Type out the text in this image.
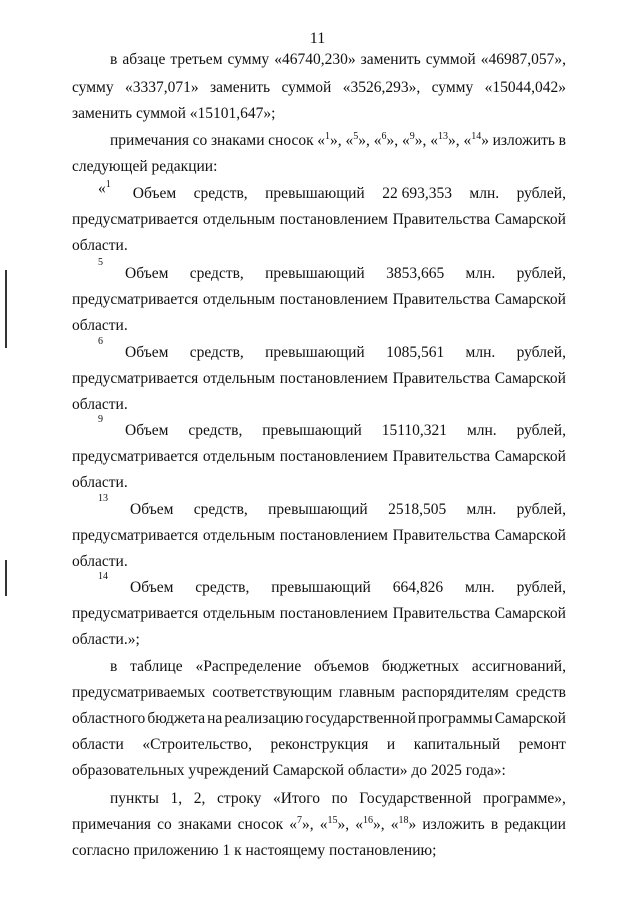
11
в абзаце третьем сумму «46740,230» заменить суммой «46987,057»,
сумму «3337,071» заменить суммой «3526,293», сумму «15044,042»
заменить суммой «15101,647»;
примечания со знаками сносок «$^1$», «$^5$», «$^6$», «$^9$», «$^{13}$», «$^{14}$» изложить в
следующей редакции:
«1
Объем средств, превышающий 22 693,353 млн. рублей,
предусматривается отдельным постановлением Правительства Самарской
области.
5
Объем средств, превышающий 3853,665 млн. рублей,
предусматривается отдельным постановлением Правительства Самарской
области.
6
Объем средств, превышающий 1085,561 млн. рублей,
предусматривается отдельным постановлением Правительства Самарской
области.
9
Объем средств, превышающий 15110,321 млн. рублей,
предусматривается отдельным постановлением Правительства Самарской
области.
13
Объем средств, превышающий 2518,505 млн. рублей,
предусматривается отдельным постановлением Правительства Самарской
области.
14
Объем средств, превышающий 664,826 млн. рублей,
предусматривается отдельным постановлением Правительства Самарской
области.»;
в таблице «Распределение объемов бюджетных ассигнований,
предусматриваемых соответствующим главным распорядителям средств
областного бюджета на реализацию государственной программы Самарской
области «Строительство, реконструкция и капитальный ремонт
образовательных учреждений Самарской области» до 2025 года»:
пункты 1, 2, строку «Итого по Государственной программе»,
примечания со знаками сносок «$^7$», «$^{15}$», «$^{16}$», «$^{18}$» изложить в редакции
согласно приложению 1 к настоящему постановлению;
